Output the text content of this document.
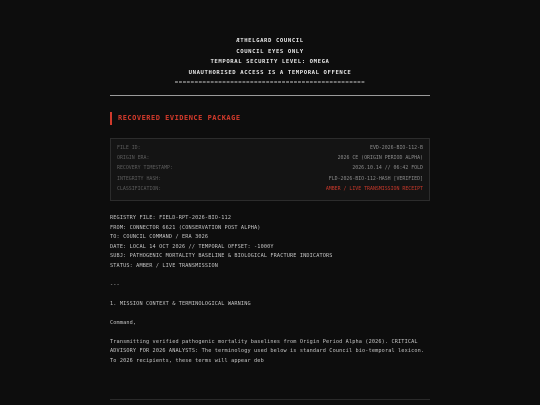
ÆTHELGARD COUNCIL
COUNCIL EYES ONLY
TEMPORAL SECURITY LEVEL: OMEGA
UNAUTHORISED ACCESS IS A TEMPORAL OFFENCE
================================================
RECOVERED EVIDENCE PACKAGE
FILE ID:	EVD-2026-BIO-112-B
ORIGIN ERA:	2026 CE (ORIGIN PERIOD ALPHA)
RECOVERY TIMESTAMP:	2026.10.14 // 06:42 FOLD
INTEGRITY HASH:	FLD-2026-BIO-112-HASH [VERIFIED]
CLASSIFICATION:	AMBER / LIVE TRANSMISSION RECEIPT
REGISTRY FILE: FIELD-RPT-2026-BIO-112
FROM: CONNECTOR 6621 (CONSERVATION POST ALPHA)
TO: COUNCIL COMMAND / ERA 3026
DATE: LOCAL 14 OCT 2026 // TEMPORAL OFFSET: -1000Y
SUBJ: PATHOGENIC MORTALITY BASELINE & BIOLOGICAL FRACTURE INDICATORS
STATUS: AMBER / LIVE TRANSMISSION
---
1. MISSION CONTEXT & TERMINOLOGICAL WARNING
Command,
Transmitting verified pathogenic mortality baselines from Origin Period Alpha (2026). CRITICAL ADVISORY FOR 2026 ANALYSTS: The terminology used below is standard Council bio-temporal lexicon. To 2026 recipients, these terms will appear deb
